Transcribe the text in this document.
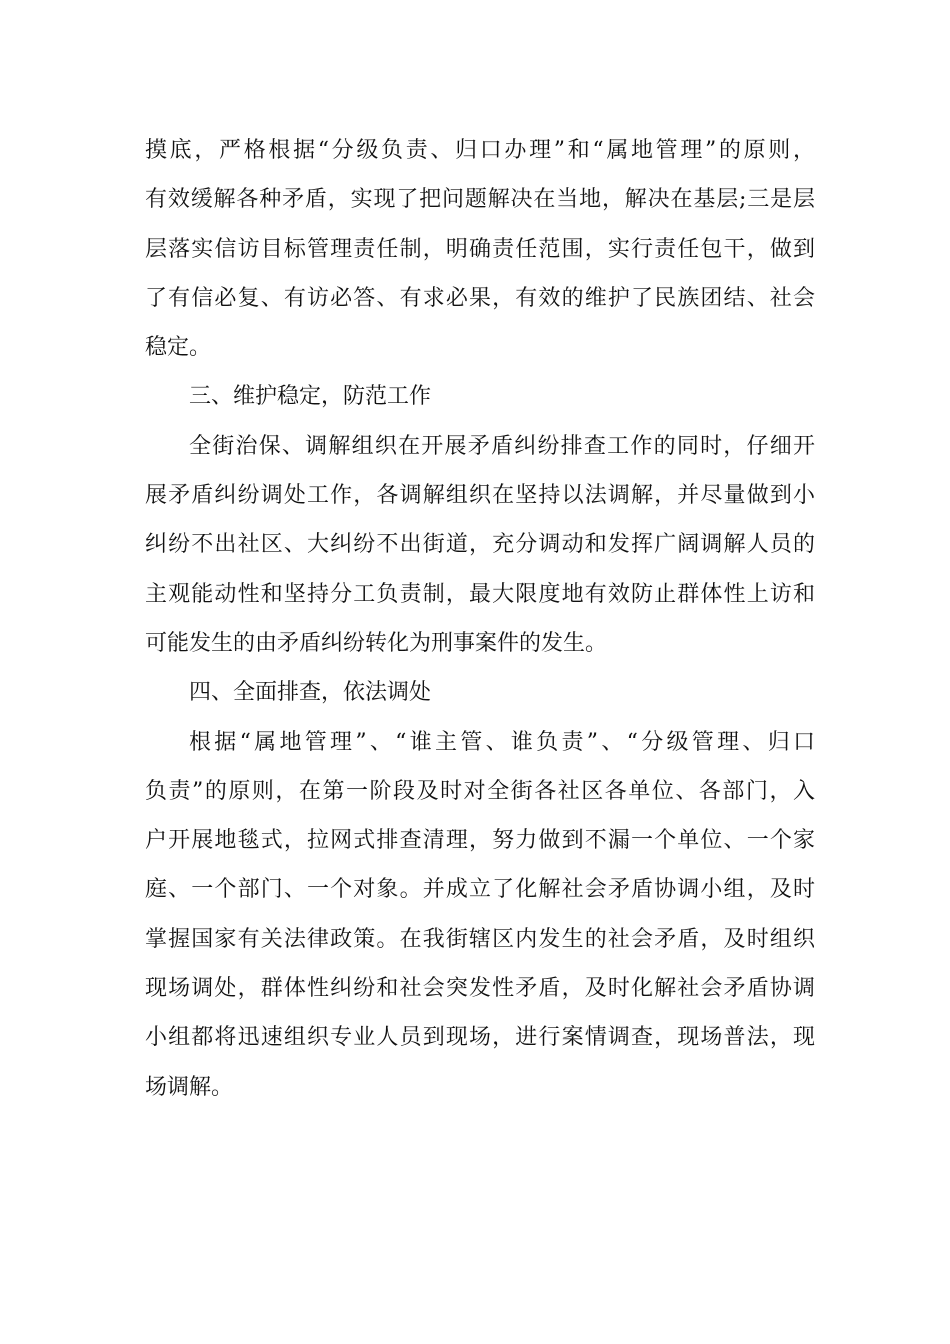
摸底，严格根据“分级负责、归口办理”和“属地管理”的原则，
有效缓解各种矛盾，实现了把问题解决在当地，解决在基层;三是层
层落实信访目标管理责任制，明确责任范围，实行责任包干，做到
了有信必复、有访必答、有求必果，有效的维护了民族团结、社会
稳定。
三、维护稳定，防范工作
全街治保、调解组织在开展矛盾纠纷排查工作的同时，仔细开
展矛盾纠纷调处工作，各调解组织在坚持以法调解，并尽量做到小
纠纷不出社区、大纠纷不出街道，充分调动和发挥广阔调解人员的
主观能动性和坚持分工负责制，最大限度地有效防止群体性上访和
可能发生的由矛盾纠纷转化为刑事案件的发生。
四、全面排查，依法调处
根据“属地管理”、“谁主管、谁负责”、“分级管理、归口
负责”的原则，在第一阶段及时对全街各社区各单位、各部门，入
户开展地毯式，拉网式排查清理，努力做到不漏一个单位、一个家
庭、一个部门、一个对象。并成立了化解社会矛盾协调小组，及时
掌握国家有关法律政策。在我街辖区内发生的社会矛盾，及时组织
现场调处，群体性纠纷和社会突发性矛盾，及时化解社会矛盾协调
小组都将迅速组织专业人员到现场，进行案情调查，现场普法，现
场调解。
